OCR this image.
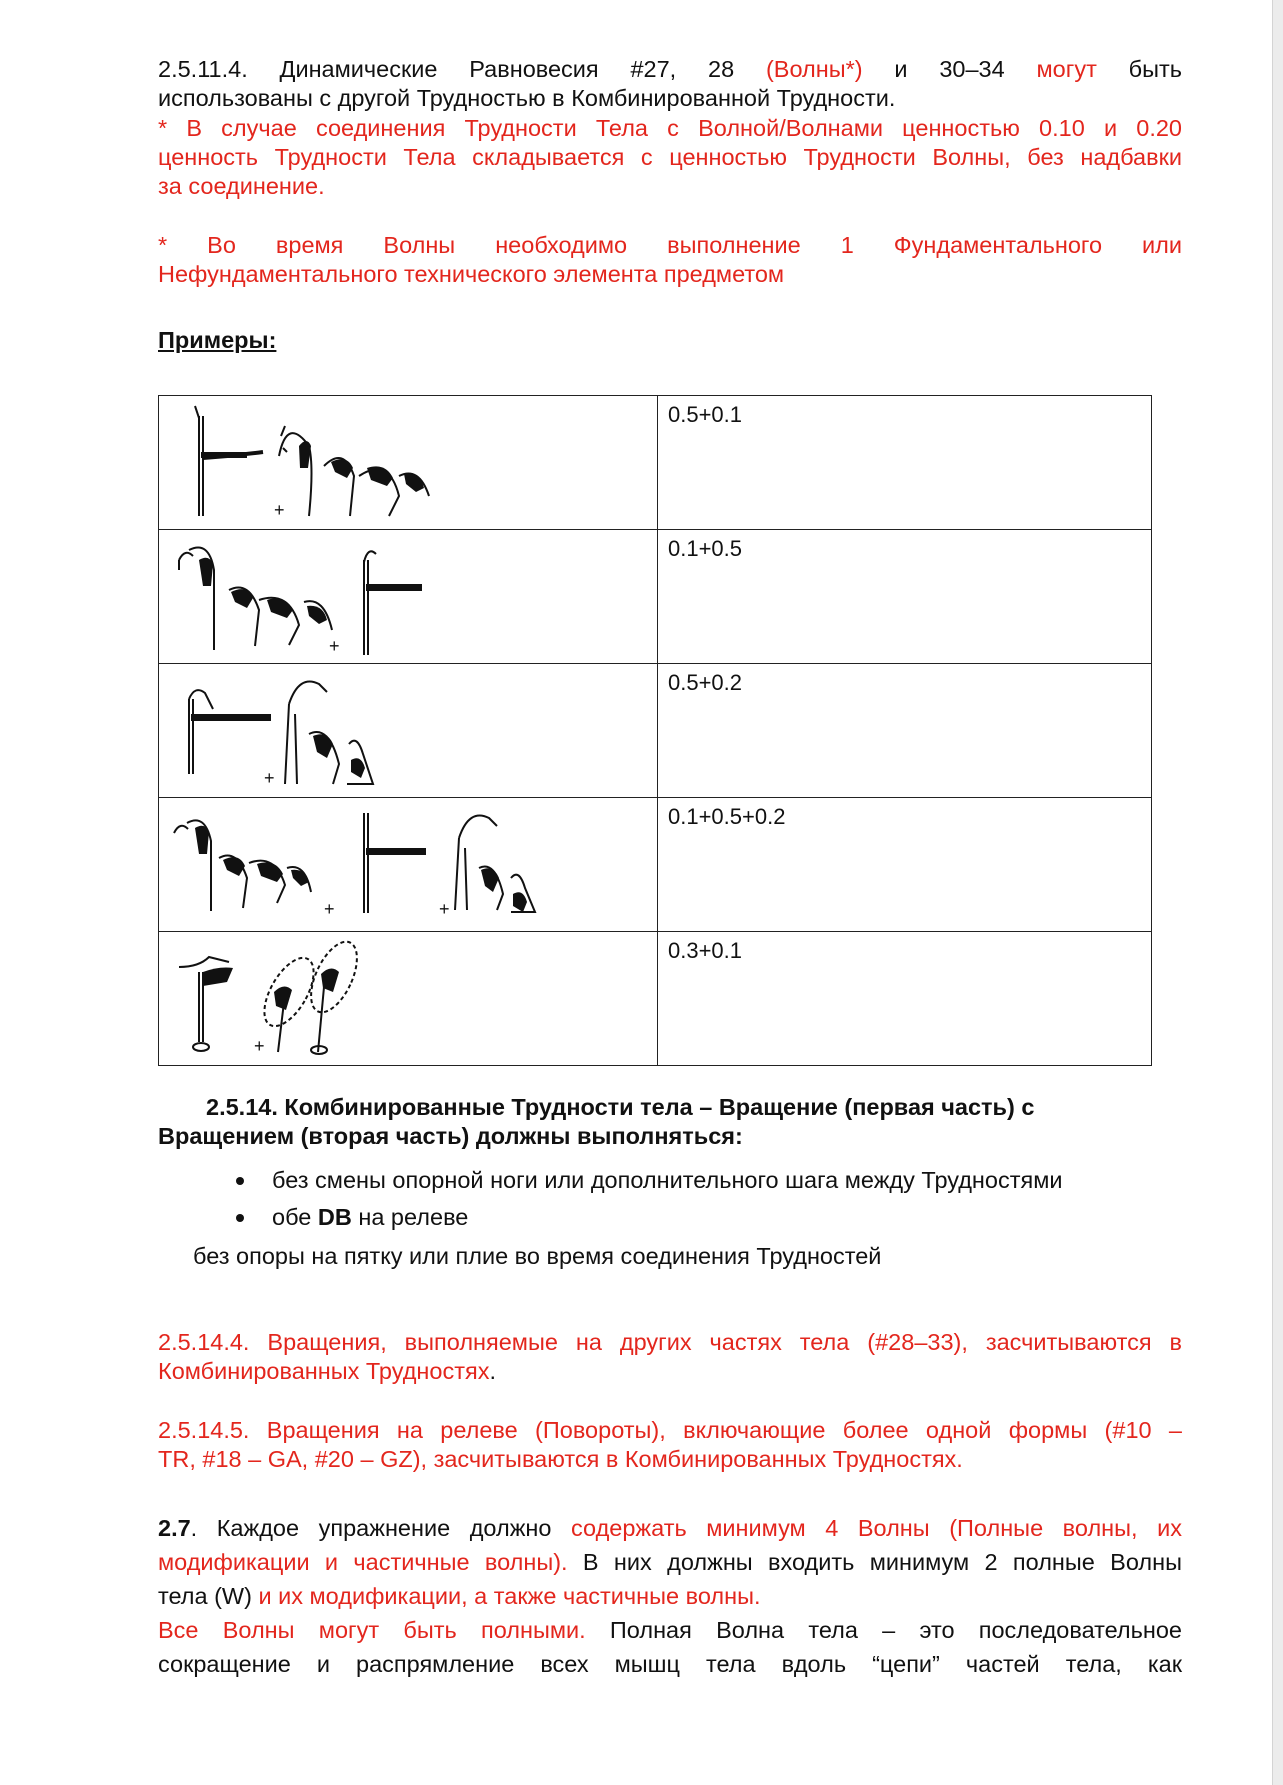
2.5.11.4. Динамические Равновесия #27, 28 (Волны*) и 30–34 могут быть
использованы с другой Трудностью в Комбинированной Трудности.
* В случае соединения Трудности Тела с Волной/Волнами ценностью 0.10 и 0.20
ценность Трудности Тела складывается с ценностью Трудности Волны, без надбавки
за соединение.
* Во время Волны необходимо выполнение 1 Фундаментального или
Нефундаментального технического элемента предметом
Примеры:
+	0.5+0.1

+	0.1+0.5

+	0.5+0.2

+ +	0.1+0.5+0.2

+	0.3+0.1
2.5.14. Комбинированные Трудности тела – Вращение (первая часть) с
Вращением (вторая часть) должны выполняться:
без смены опорной ноги или дополнительного шага между Трудностями
обе DB на релеве
без опоры на пятку или плие во время соединения Трудностей
2.5.14.4. Вращения, выполняемые на других частях тела (#28–33), засчитываются в
Комбинированных Трудностях.
2.5.14.5. Вращения на релеве (Повороты), включающие более одной формы (#10 –
TR, #18 – GA, #20 – GZ), засчитываются в Комбинированных Трудностях.
2.7. Каждое упражнение должно содержать минимум 4 Волны (Полные волны, их
модификации и частичные волны). В них должны входить минимум 2 полные Волны
тела (W) и их модификации, а также частичные волны.
Все Волны могут быть полными. Полная Волна тела – это последовательное
сокращение и распрямление всех мышц тела вдоль “цепи” частей тела, как
